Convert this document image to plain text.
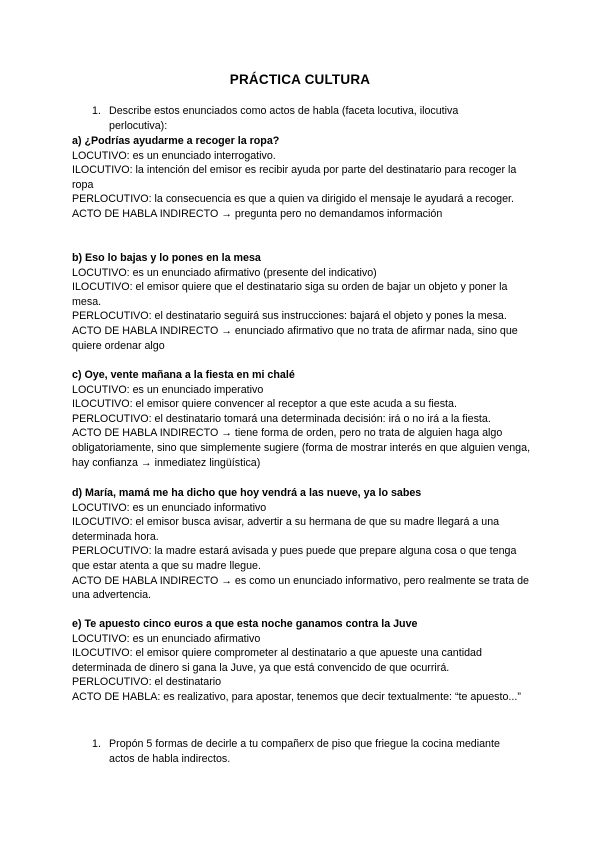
PRÁCTICA CULTURA
1. Describe estos enunciados como actos de habla (faceta locutiva, ilocutiva perlocutiva):
a) ¿Podrías ayudarme a recoger la ropa?
LOCUTIVO: es un enunciado interrogativo.
ILOCUTIVO: la intención del emisor es recibir ayuda por parte del destinatario para recoger la ropa
PERLOCUTIVO: la consecuencia es que a quien va dirigido el mensaje le ayudará a recoger.
ACTO DE HABLA INDIRECTO → pregunta pero no demandamos información
b) Eso lo bajas y lo pones en la mesa
LOCUTIVO: es un enunciado afirmativo (presente del indicativo)
ILOCUTIVO: el emisor quiere que el destinatario siga su orden de bajar un objeto y poner la mesa.
PERLOCUTIVO: el destinatario seguirá sus instrucciones: bajará el objeto y pones la mesa.
ACTO DE HABLA INDIRECTO → enunciado afirmativo que no trata de afirmar nada, sino que quiere ordenar algo
c) Oye, vente mañana a la fiesta en mi chalé
LOCUTIVO: es un enunciado imperativo
ILOCUTIVO: el emisor quiere convencer al receptor a que este acuda a su fiesta.
PERLOCUTIVO: el destinatario tomará una determinada decisión: irá o no irá a la fiesta.
ACTO DE HABLA INDIRECTO → tiene forma de orden, pero no trata de alguien haga algo obligatoriamente, sino que simplemente sugiere (forma de mostrar interés en que alguien venga, hay confianza → inmediatez lingüística)
d) María, mamá me ha dicho que hoy vendrá a las nueve, ya lo sabes
LOCUTIVO: es un enunciado informativo
ILOCUTIVO: el emisor busca avisar, advertir a su hermana de que su madre llegará a una determinada hora.
PERLOCUTIVO: la madre estará avisada y pues puede que prepare alguna cosa o que tenga que estar atenta a que su madre llegue.
ACTO DE HABLA INDIRECTO → es como un enunciado informativo, pero realmente se trata de una advertencia.
e) Te apuesto cinco euros a que esta noche ganamos contra la Juve
LOCUTIVO: es un enunciado afirmativo
ILOCUTIVO: el emisor quiere comprometer al destinatario a que apueste una cantidad determinada de dinero si gana la Juve, ya que está convencido de que ocurrirá.
PERLOCUTIVO: el destinatario
ACTO DE HABLA: es realizativo, para apostar, tenemos que decir textualmente: “te apuesto...”
1. Propón 5 formas de decirle a tu compañerx de piso que friegue la cocina mediante actos de habla indirectos.
